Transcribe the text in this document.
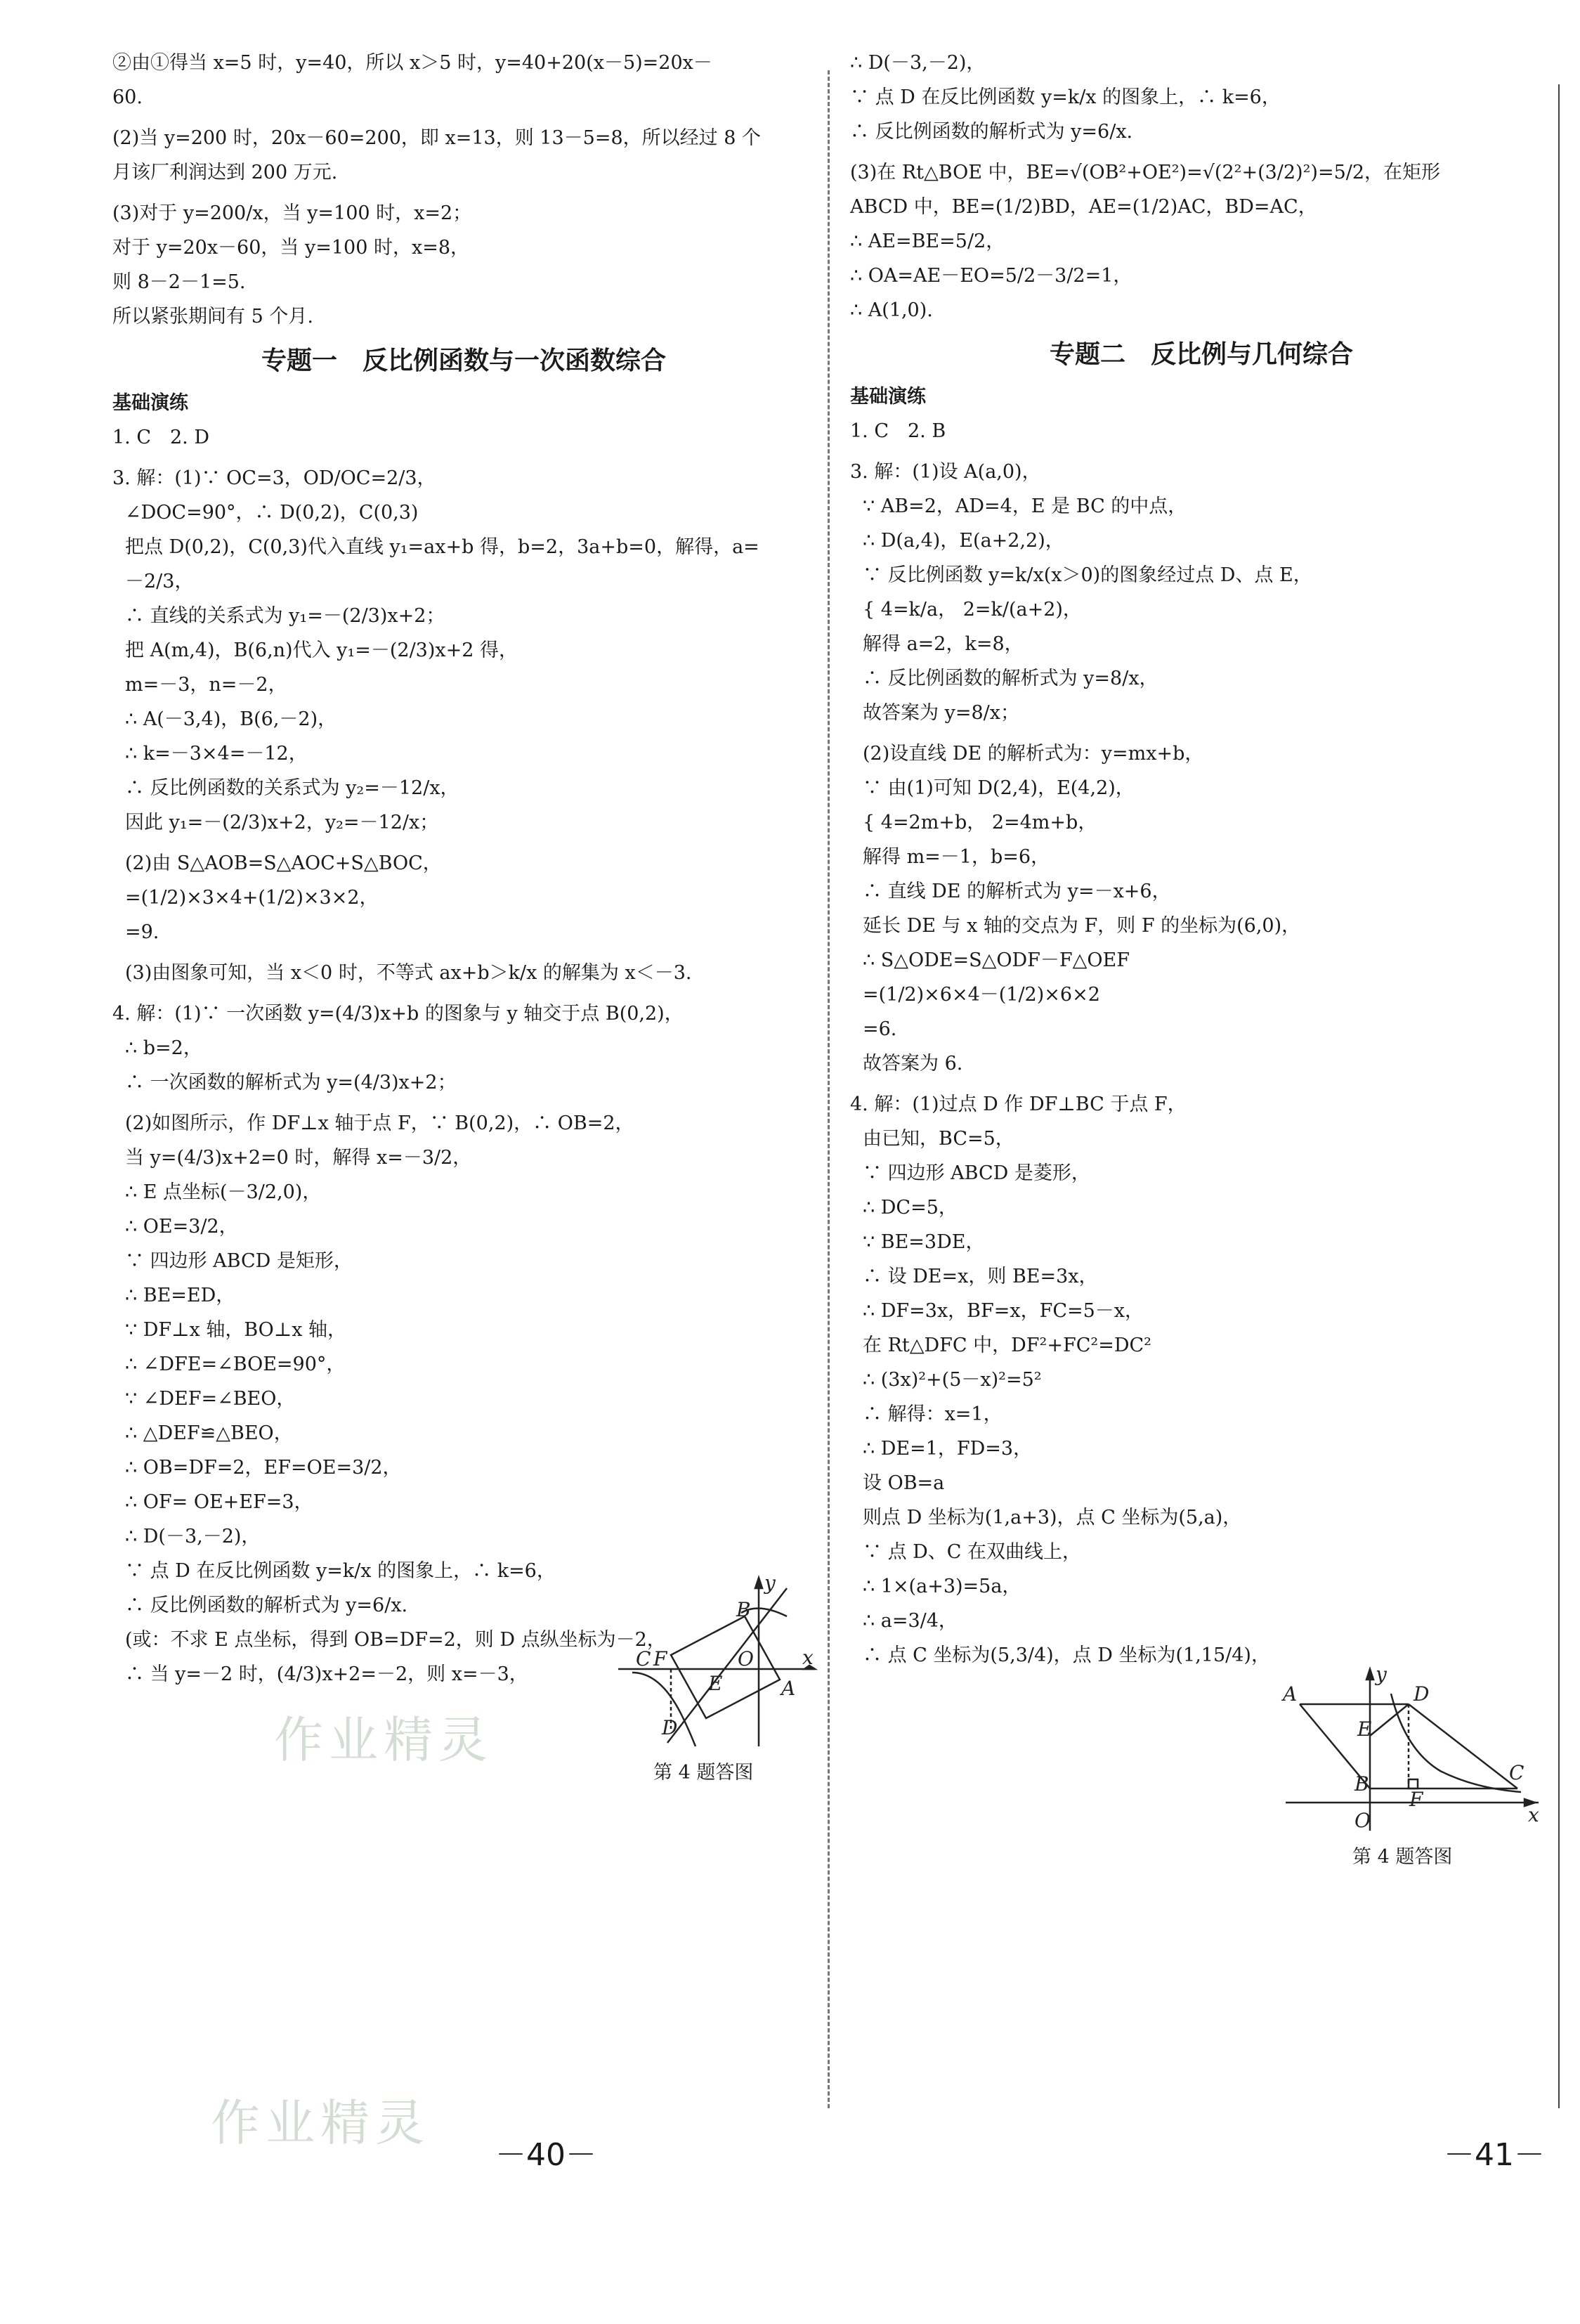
②由①得当 x=5 时，y=40，所以 x＞5 时，y=40+20(x－5)=20x－
60.
(2)当 y=200 时，20x－60=200，即 x=13，则 13－5=8，所以经过 8 个
月该厂利润达到 200 万元.
(3)对于 y=200/x，当 y=100 时，x=2；
对于 y=20x－60，当 y=100 时，x=8，
则 8－2－1=5.
所以紧张期间有 5 个月.
专题一　反比例函数与一次函数综合
基础演练
1. C　2. D
3. 解：(1)∵ OC=3，OD/OC=2/3，
∠DOC=90°，∴ D(0,2)，C(0,3)
把点 D(0,2)，C(0,3)代入直线 y₁=ax+b 得，b=2，3a+b=0，解得，a=
－2/3，
∴ 直线的关系式为 y₁=－(2/3)x+2；
把 A(m,4)，B(6,n)代入 y₁=－(2/3)x+2 得，
m=－3，n=－2，
∴ A(－3,4)，B(6,－2)，
∴ k=－3×4=－12，
∴ 反比例函数的关系式为 y₂=－12/x，
因此 y₁=－(2/3)x+2，y₂=－12/x；
(2)由 S△AOB=S△AOC+S△BOC，
=(1/2)×3×4+(1/2)×3×2，
=9.
(3)由图象可知，当 x＜0 时，不等式 ax+b＞k/x 的解集为 x＜－3.
4. 解：(1)∵ 一次函数 y=(4/3)x+b 的图象与 y 轴交于点 B(0,2)，
∴ b=2，
∴ 一次函数的解析式为 y=(4/3)x+2；
(2)如图所示，作 DF⊥x 轴于点 F，∵ B(0,2)，∴ OB=2，
当 y=(4/3)x+2=0 时，解得 x=－3/2，
∴ E 点坐标(－3/2,0)，
∴ OE=3/2，
∵ 四边形 ABCD 是矩形，
∴ BE=ED，
∵ DF⊥x 轴，BO⊥x 轴，
∴ ∠DFE=∠BOE=90°，
∵ ∠DEF=∠BEO，
∴ △DEF≌△BEO，
∴ OB=DF=2，EF=OE=3/2，
∴ OF= OE+EF=3，
∴ D(－3,－2)，
∵ 点 D 在反比例函数 y=k/x 的图象上，∴ k=6，
∴ 反比例函数的解析式为 y=6/x.
(或：不求 E 点坐标，得到 OB=DF=2，则 D 点纵坐标为－2，
∴ 当 y=－2 时，(4/3)x+2=－2，则 x=－3，
∴ D(－3,－2)，
∵ 点 D 在反比例函数 y=k/x 的图象上，∴ k=6，
∴ 反比例函数的解析式为 y=6/x.
(3)在 Rt△BOE 中，BE=√(OB²+OE²)=√(2²+(3/2)²)=5/2，在矩形
ABCD 中，BE=(1/2)BD，AE=(1/2)AC，BD=AC，
∴ AE=BE=5/2，
∴ OA=AE－EO=5/2－3/2=1，
∴ A(1,0).
专题二　反比例与几何综合
基础演练
1. C　2. B
3. 解：(1)设 A(a,0)，
∵ AB=2，AD=4，E 是 BC 的中点，
∴ D(a,4)，E(a+2,2)，
∵ 反比例函数 y=k/x(x＞0)的图象经过点 D、点 E，
{ 4=k/a， 2=k/(a+2)，
解得 a=2，k=8，
∴ 反比例函数的解析式为 y=8/x，
故答案为 y=8/x；
(2)设直线 DE 的解析式为：y=mx+b，
∵ 由(1)可知 D(2,4)，E(4,2)，
{ 4=2m+b， 2=4m+b，
解得 m=－1，b=6，
∴ 直线 DE 的解析式为 y=－x+6，
延长 DE 与 x 轴的交点为 F，则 F 的坐标为(6,0)，
∴ S△ODE=S△ODF－F△OEF
=(1/2)×6×4－(1/2)×6×2
=6.
故答案为 6.
4. 解：(1)过点 D 作 DF⊥BC 于点 F，
由已知，BC=5，
∵ 四边形 ABCD 是菱形，
∴ DC=5，
∵ BE=3DE，
∴ 设 DE=x，则 BE=3x，
∴ DF=3x，BF=x，FC=5－x，
在 Rt△DFC 中，DF²+FC²=DC²
∴ (3x)²+(5－x)²=5²
∴ 解得：x=1，
∴ DE=1，FD=3，
设 OB=a
则点 D 坐标为(1,a+3)，点 C 坐标为(5,a)，
∵ 点 D、C 在双曲线上，
∴ 1×(a+3)=5a，
∴ a=3/4，
∴ 点 C 坐标为(5,3/4)，点 D 坐标为(1,15/4)，
y
B
C F
E
O x
A
D
第 4 题答图
y
A	D
E
C
B
F
O	x
第 4 题答图
作业精灵
作业精灵
－40－	－41－
